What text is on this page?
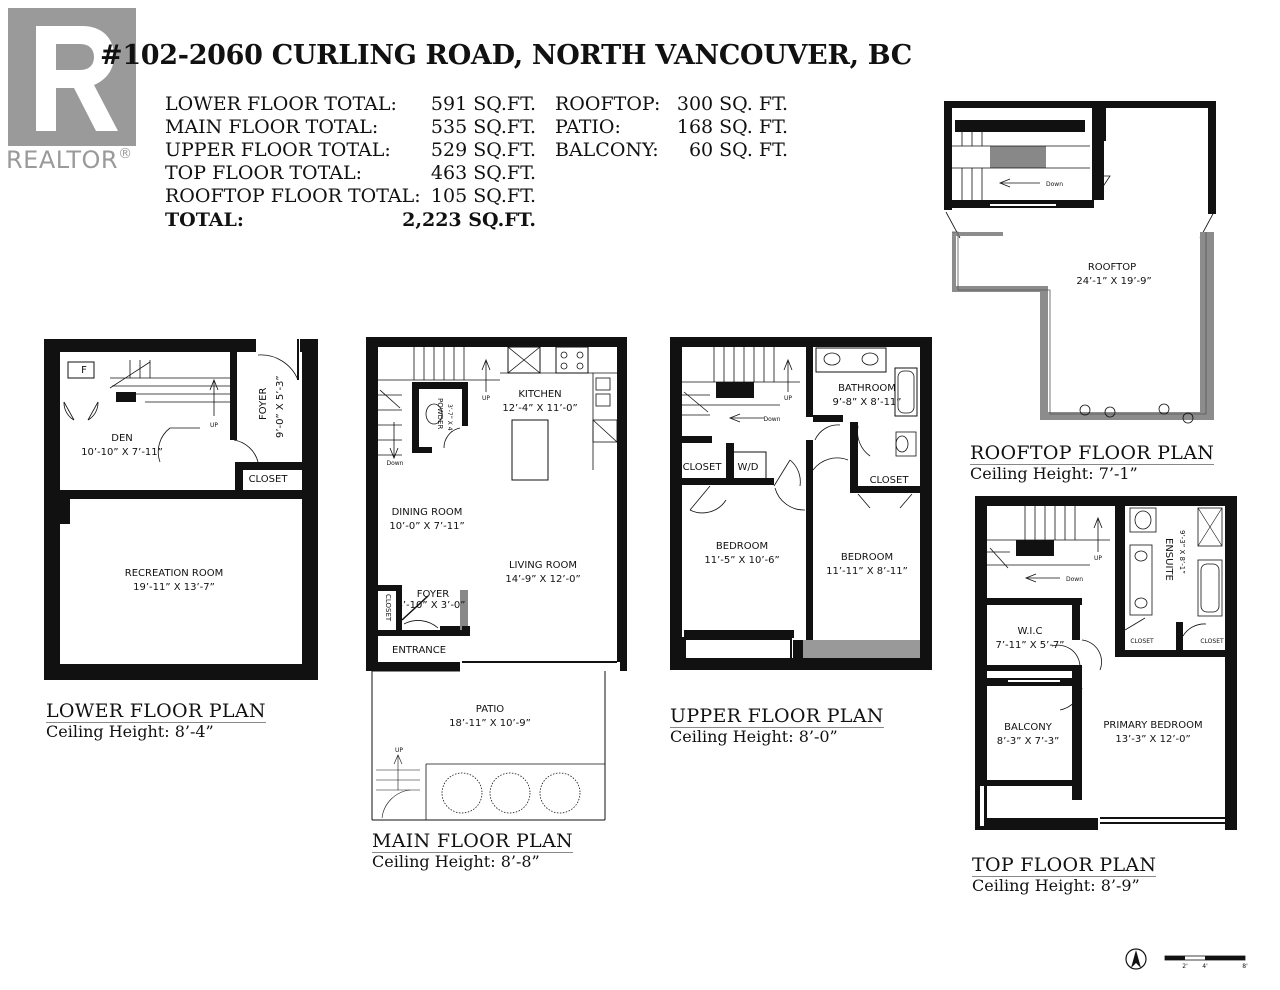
REALTOR®
#102-2060 CURLING ROAD, NORTH VANCOUVER, BC
LOWER FLOOR TOTAL:	591 SQ.FT.
MAIN FLOOR TOTAL:	535 SQ.FT.
UPPER FLOOR TOTAL:	529 SQ.FT.
TOP FLOOR TOTAL:	463 SQ.FT.
ROOFTOP FLOOR TOTAL: 105 SQ.FT.
TOTAL:	2,223 SQ.FT.
ROOFTOP: 300 SQ. FT.
PATIO:	168 SQ. FT.
BALCONY:	60 SQ. FT.
LOWER FLOOR PLAN
Ceiling Height: 8’-4”
MAIN FLOOR PLAN
Ceiling Height: 8’-8”
UPPER FLOOR PLAN
Ceiling Height: 8’-0”
ROOFTOP FLOOR PLAN
Ceiling Height: 7’-1”
TOP FLOOR PLAN
Ceiling Height: 8’-9”
F
DEN
10’-10” X 7’-11”
UP
FOYER 9’-0” X 5’-3”
CLOSET
RECREATION ROOM
19’-11” X 13’-7”
KITCHEN
12’-4” X 11’-0”
POWDER 3’-7” X 4’
Down
UP
DINING ROOM
10’-0” X 7’-11”
LIVING ROOM
14’-9” X 12’-0”
CLOSET FOYER
4’-10” X 3’-0”
ENTRANCE
PATIO
18’-11” X 10’-9”
UP
UP
Down
BATHROOM
9’-8” X 8’-11”
CLOSET W/D
CLOSET
BEDROOM
11’-5” X 10’-6”	BEDROOM
11’-11” X 8’-11”
Down
ROOFTOP
24’-1” X 19’-9”
UP
Down	ENSUITE 9’-3” X 8’-1”
W.I.C
7’-11” X 5’-7”	CLOSET	CLOSET
BALCONY
8’-3” X 7’-3”
PRIMARY BEDROOM
13’-3” X 12’-0”
2' 4'	8'
